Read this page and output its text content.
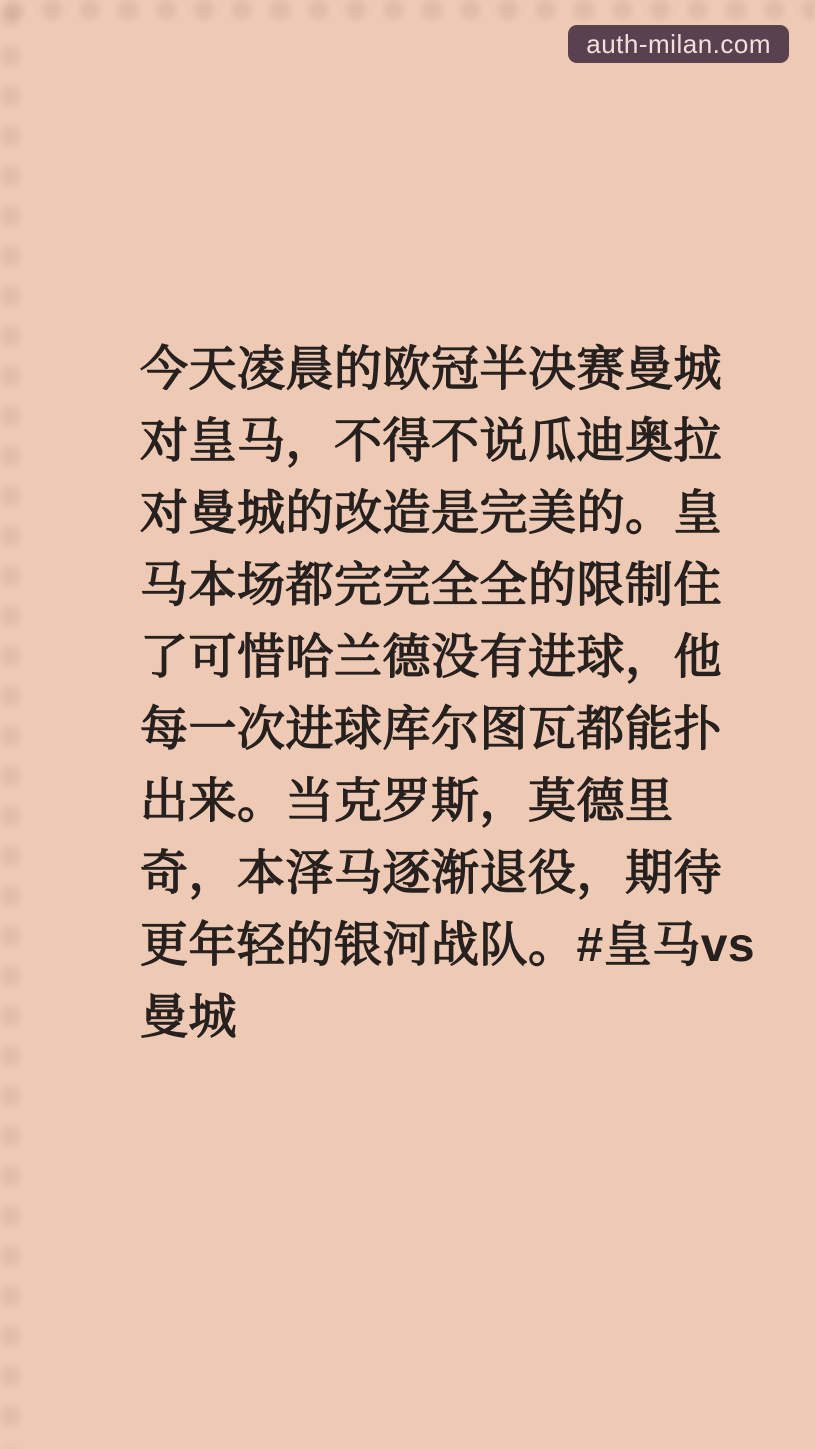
auth-milan.com
今天凌晨的欧冠半决赛曼城
对皇马，不得不说瓜迪奥拉
对曼城的改造是完美的。皇
马本场都完完全全的限制住
了可惜哈兰德没有进球，他
每一次进球库尔图瓦都能扑
出来。当克罗斯，莫德里
奇，本泽马逐渐退役，期待
更年轻的银河战队。#皇马vs
曼城
